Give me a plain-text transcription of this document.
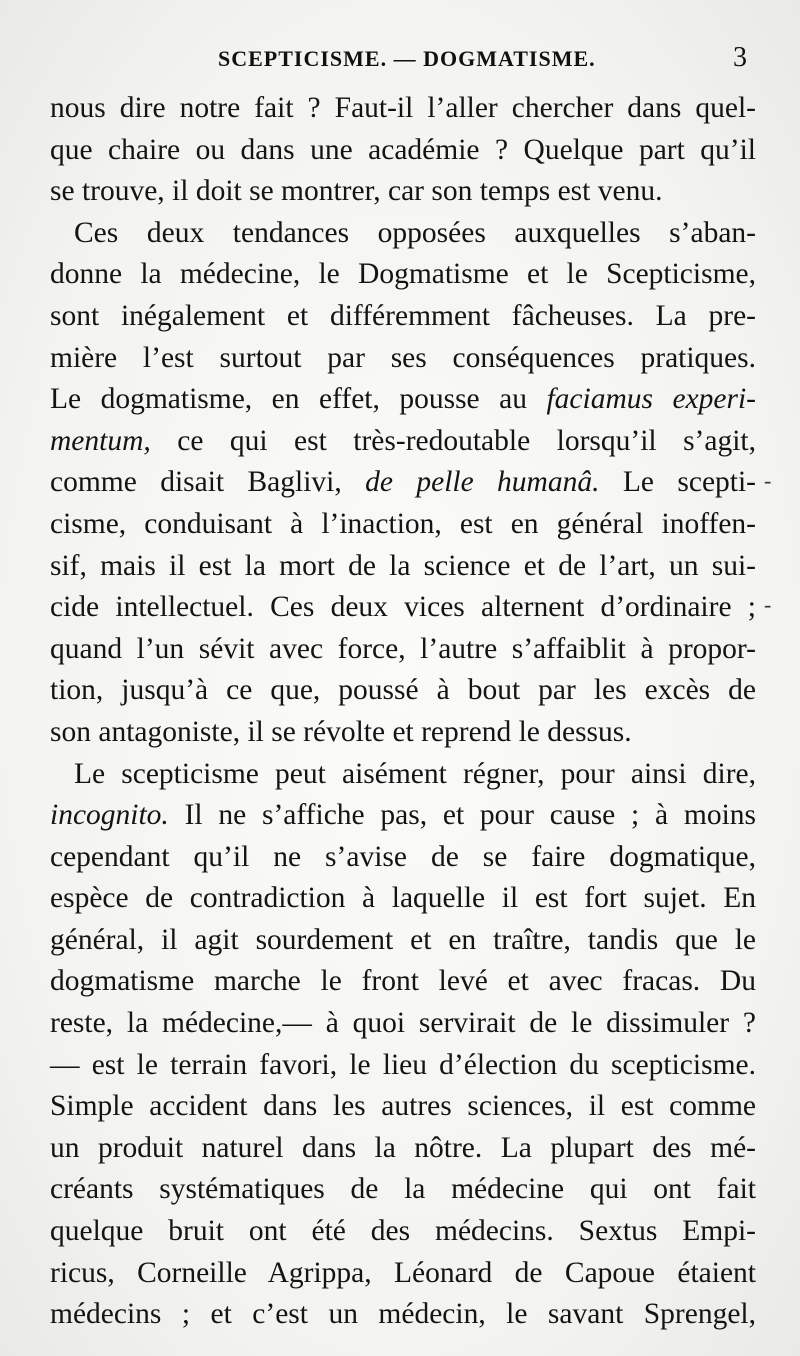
SCEPTICISME. — DOGMATISME.	3
nous dire notre fait ? Faut-il l’aller chercher dans quel-
que chaire ou dans une académie ? Quelque part qu’il
se trouve, il doit se montrer, car son temps est venu.
Ces deux tendances opposées auxquelles s’aban-
donne la médecine, le Dogmatisme et le Scepticisme,
sont inégalement et différemment fâcheuses. La pre-
mière l’est surtout par ses conséquences pratiques.
Le dogmatisme, en effet, pousse au faciamus experi-
mentum, ce qui est très-redoutable lorsqu’il s’agit,
comme disait Baglivi, de pelle humanâ. Le scepti-
cisme, conduisant à l’inaction, est en général inoffen-
sif, mais il est la mort de la science et de l’art, un sui-
cide intellectuel. Ces deux vices alternent d’ordinaire ;
quand l’un sévit avec force, l’autre s’affaiblit à propor-
tion, jusqu’à ce que, poussé à bout par les excès de
son antagoniste, il se révolte et reprend le dessus.
Le scepticisme peut aisément régner, pour ainsi dire,
incognito. Il ne s’affiche pas, et pour cause ; à moins
cependant qu’il ne s’avise de se faire dogmatique,
espèce de contradiction à laquelle il est fort sujet. En
général, il agit sourdement et en traître, tandis que le
dogmatisme marche le front levé et avec fracas. Du
reste, la médecine,— à quoi servirait de le dissimuler ?
— est le terrain favori, le lieu d’élection du scepticisme.
Simple accident dans les autres sciences, il est comme
un produit naturel dans la nôtre. La plupart des mé-
créants systématiques de la médecine qui ont fait
quelque bruit ont été des médecins. Sextus Empi-
ricus, Corneille Agrippa, Léonard de Capoue étaient
médecins ; et c’est un médecin, le savant Sprengel,
-
-
